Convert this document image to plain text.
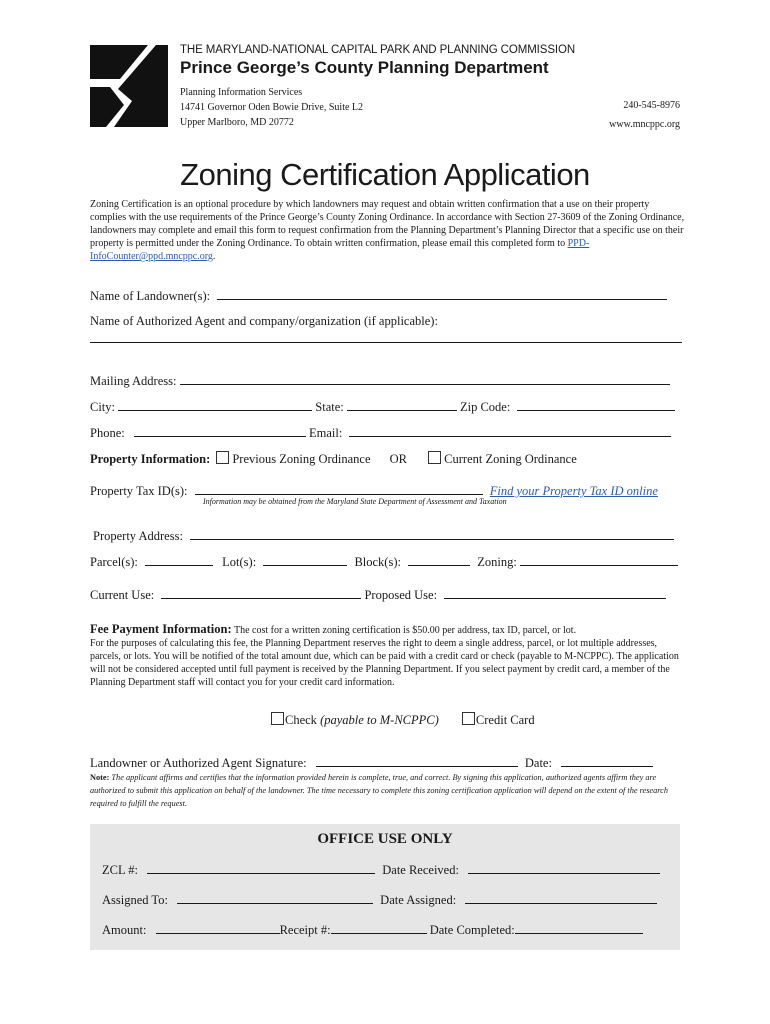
THE MARYLAND-NATIONAL CAPITAL PARK AND PLANNING COMMISSION
Prince George’s County Planning Department
Planning Information Services
14741 Governor Oden Bowie Drive, Suite L2
Upper Marlboro, MD 20772
240-545-8976
www.mncppc.org
Zoning Certification Application
Zoning Certification is an optional procedure by which landowners may request and obtain written confirmation that a use on their property complies with the use requirements of the Prince George’s County Zoning Ordinance. In accordance with Section 27-3609 of the Zoning Ordinance, landowners may complete and email this form to request confirmation from the Planning Department’s Planning Director that a specific use on their property is permitted under the Zoning Ordinance. To obtain written confirmation, please email this completed form to PPD-InfoCounter@ppd.mncppc.org.
Name of Landowner(s):
Name of Authorized Agent and company/organization (if applicable):
Mailing Address:
City:	State:	Zip Code:
Phone:	Email:
Property Information: Previous Zoning Ordinance OR	Current Zoning Ordinance
Property Tax ID(s):	Find your Property Tax ID online
Information may be obtained from the Maryland State Department of Assessment and Taxation
Property Address:
Parcel(s):	Lot(s):	Block(s):	Zoning:
Current Use:	Proposed Use:
Fee Payment Information: The cost for a written zoning certification is $50.00 per address, tax ID, parcel, or lot.
For the purposes of calculating this fee, the Planning Department reserves the right to deem a single address, parcel, or lot multiple addresses, parcels, or lots. You will be notified of the total amount due, which can be paid with a credit card or check (payable to M-NCPPC). The application will not be considered accepted until full payment is received by the Planning Department. If you select payment by credit card, a member of the Planning Department staff will contact you for your credit card information.
Check (payable to M-NCPPC)	Credit Card
Landowner or Authorized Agent Signature:	Date:
Note: The applicant affirms and certifies that the information provided herein is complete, true, and correct. By signing this application, authorized agents affirm they are authorized to submit this application on behalf of the landowner. The time necessary to complete this zoning certification application will depend on the extent of the research required to fulfill the request.
OFFICE USE ONLY
ZCL #:	Date Received:
Assigned To:	Date Assigned:
Amount:	Receipt #:	Date Completed:
